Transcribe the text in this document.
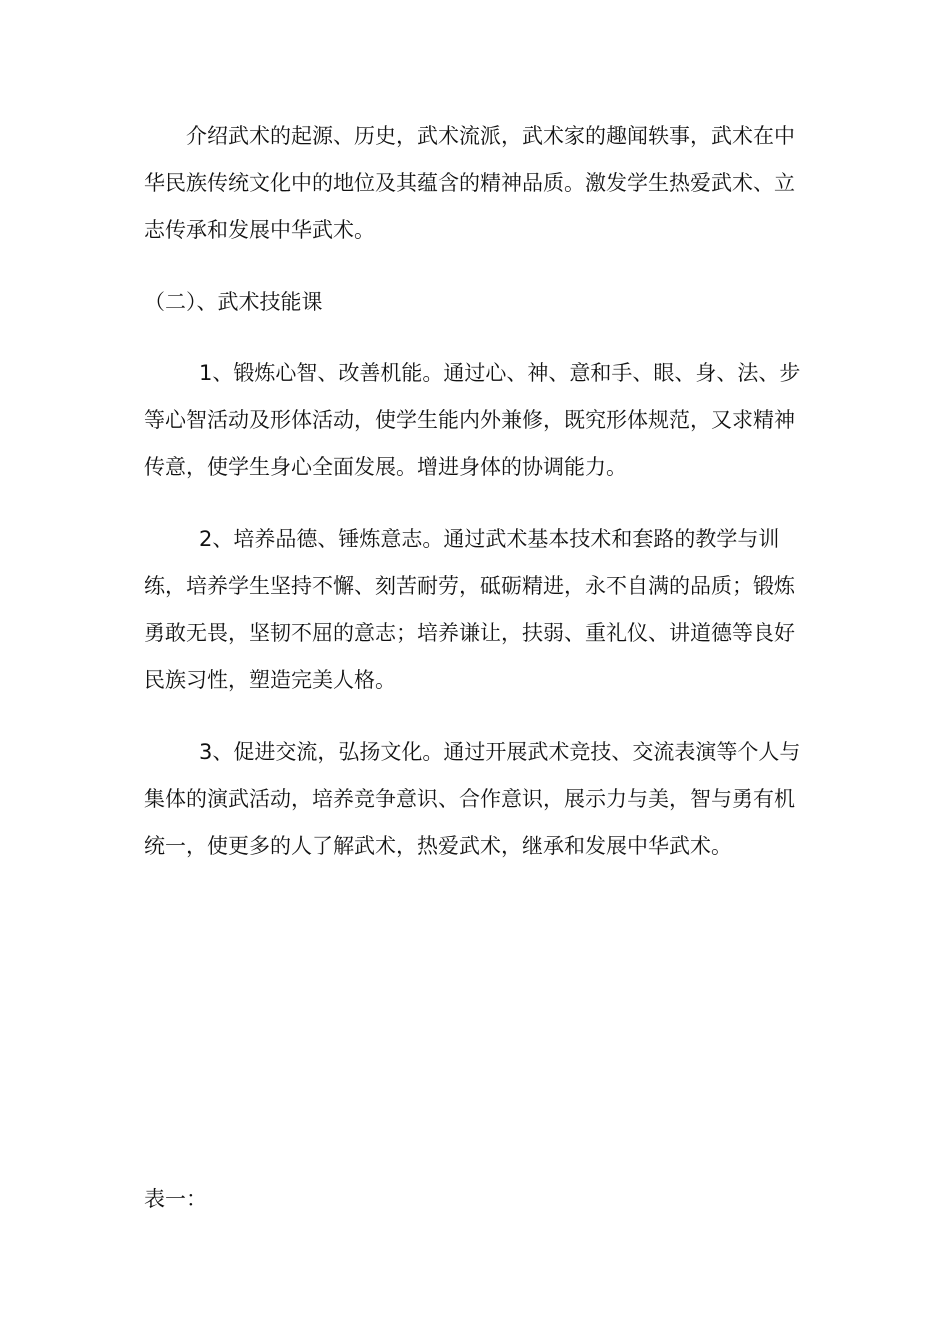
介绍武术的起源、历史，武术流派，武术家的趣闻轶事，武术在中华民族传统文化中的地位及其蕴含的精神品质。激发学生热爱武术、立志传承和发展中华武术。

（二）、武术技能课

1、锻炼心智、改善机能。通过心、神、意和手、眼、身、法、步等心智活动及形体活动，使学生能内外兼修，既究形体规范，又求精神传意，使学生身心全面发展。增进身体的协调能力。

2、培养品德、锤炼意志。通过武术基本技术和套路的教学与训练，培养学生坚持不懈、刻苦耐劳，砥砺精进，永不自满的品质；锻炼勇敢无畏，坚韧不屈的意志；培养谦让，扶弱、重礼仪、讲道德等良好民族习性，塑造完美人格。

3、促进交流，弘扬文化。通过开展武术竞技、交流表演等个人与集体的演武活动，培养竞争意识、合作意识，展示力与美，智与勇有机统一，使更多的人了解武术，热爱武术，继承和发展中华武术。

表一：
